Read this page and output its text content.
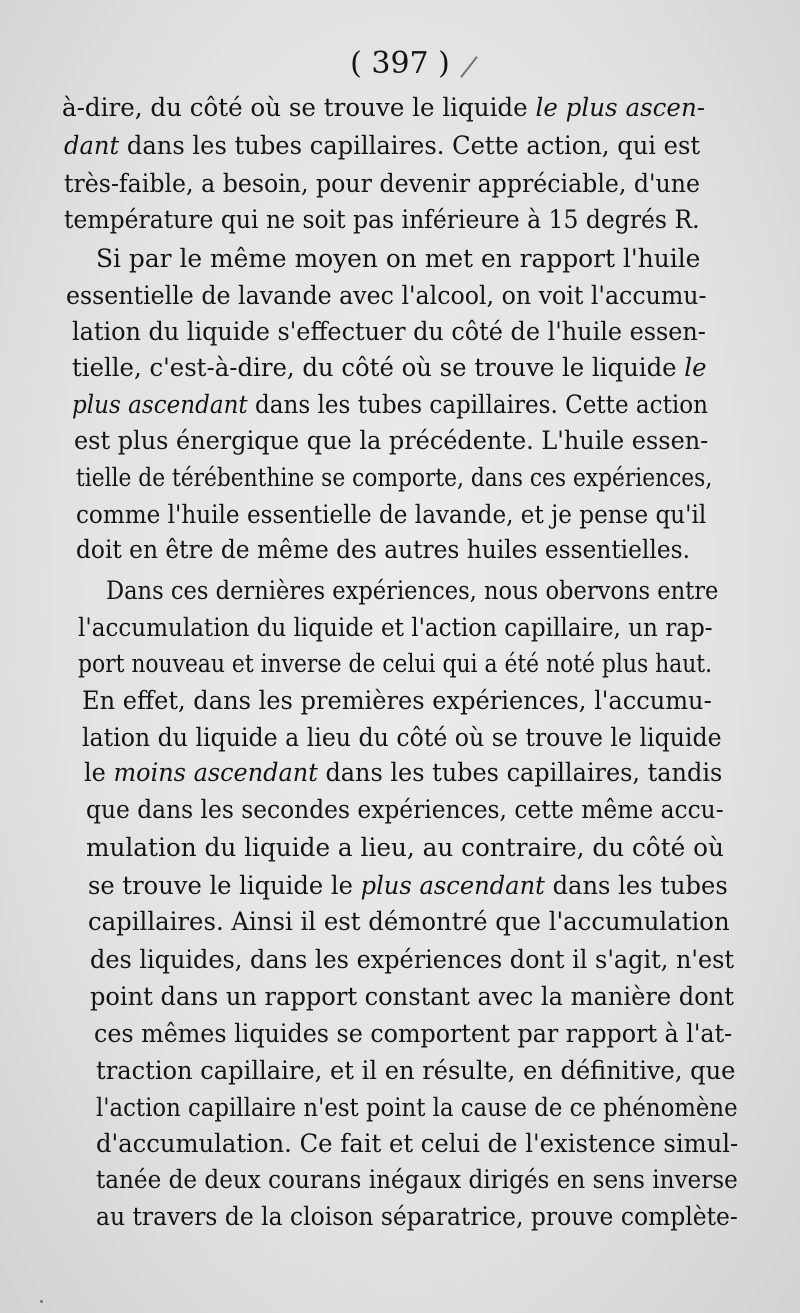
( 397 )
à-dire, du côté où se trouve le liquide le plus ascen-
dant dans les tubes capillaires. Cette action, qui est
très-faible, a besoin, pour devenir appréciable, d'une
température qui ne soit pas inférieure à 15 degrés R.
Si par le même moyen on met en rapport l'huile
essentielle de lavande avec l'alcool, on voit l'accumu-
lation du liquide s'effectuer du côté de l'huile essen-
tielle, c'est-à-dire, du côté où se trouve le liquide le
plus ascendant dans les tubes capillaires. Cette action
est plus énergique que la précédente. L'huile essen-
tielle de térébenthine se comporte, dans ces expériences,
comme l'huile essentielle de lavande, et je pense qu'il
doit en être de même des autres huiles essentielles.
Dans ces dernières expériences, nous obervons entre
l'accumulation du liquide et l'action capillaire, un rap-
port nouveau et inverse de celui qui a été noté plus haut.
En effet, dans les premières expériences, l'accumu-
lation du liquide a lieu du côté où se trouve le liquide
le moins ascendant dans les tubes capillaires, tandis
que dans les secondes expériences, cette même accu-
mulation du liquide a lieu, au contraire, du côté où
se trouve le liquide le plus ascendant dans les tubes
capillaires. Ainsi il est démontré que l'accumulation
des liquides, dans les expériences dont il s'agit, n'est
point dans un rapport constant avec la manière dont
ces mêmes liquides se comportent par rapport à l'at-
traction capillaire, et il en résulte, en définitive, que
l'action capillaire n'est point la cause de ce phénomène
d'accumulation. Ce fait et celui de l'existence simul-
tanée de deux courans inégaux dirigés en sens inverse
au travers de la cloison séparatrice, prouve complète-
